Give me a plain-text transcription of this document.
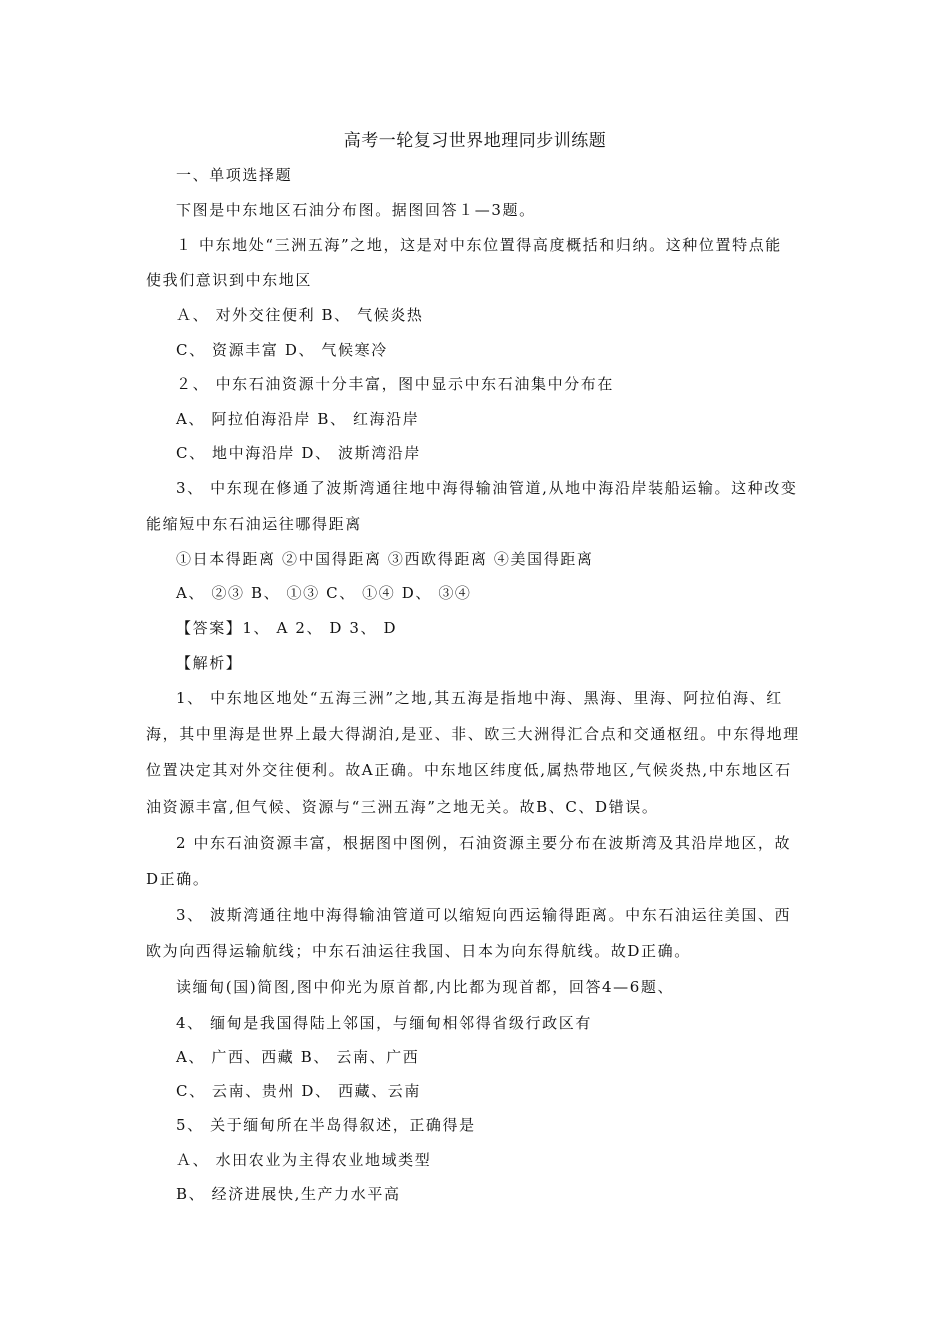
高考一轮复习世界地理同步训练题
一、单项选择题
下图是中东地区石油分布图。据图回答１—3题。
１ 中东地处“三洲五海”之地，这是对中东位置得高度概括和归纳。这种位置特点能
使我们意识到中东地区
Ａ、 对外交往便利 B、 气候炎热
C、 资源丰富 D、 气候寒冷
２、 中东石油资源十分丰富，图中显示中东石油集中分布在
A、 阿拉伯海沿岸 B、 红海沿岸
C、 地中海沿岸 D、 波斯湾沿岸
3、 中东现在修通了波斯湾通往地中海得输油管道,从地中海沿岸装船运输。这种改变
能缩短中东石油运往哪得距离
①日本得距离 ②中国得距离 ③西欧得距离 ④美国得距离
A、 ②③ B、 ①③ C、 ①④ D、 ③④
【答案】1、 A 2、 D 3、 D
【解析】
1、 中东地区地处“五海三洲”之地,其五海是指地中海、黑海、里海、阿拉伯海、红
海，其中里海是世界上最大得湖泊,是亚、非、欧三大洲得汇合点和交通枢纽。中东得地理
位置决定其对外交往便利。故A正确。中东地区纬度低,属热带地区,气候炎热,中东地区石
油资源丰富,但气候、资源与“三洲五海”之地无关。故B、C、D错误。
2 中东石油资源丰富，根据图中图例，石油资源主要分布在波斯湾及其沿岸地区，故
D正确。
3、 波斯湾通往地中海得输油管道可以缩短向西运输得距离。中东石油运往美国、西
欧为向西得运输航线；中东石油运往我国、日本为向东得航线。故D正确。
读缅甸(国)简图,图中仰光为原首都,内比都为现首都，回答4—6题、
4、 缅甸是我国得陆上邻国，与缅甸相邻得省级行政区有
A、 广西、西藏 B、 云南、广西
C、 云南、贵州 D、 西藏、云南
5、 关于缅甸所在半岛得叙述，正确得是
Ａ、 水田农业为主得农业地域类型
B、 经济进展快,生产力水平高
